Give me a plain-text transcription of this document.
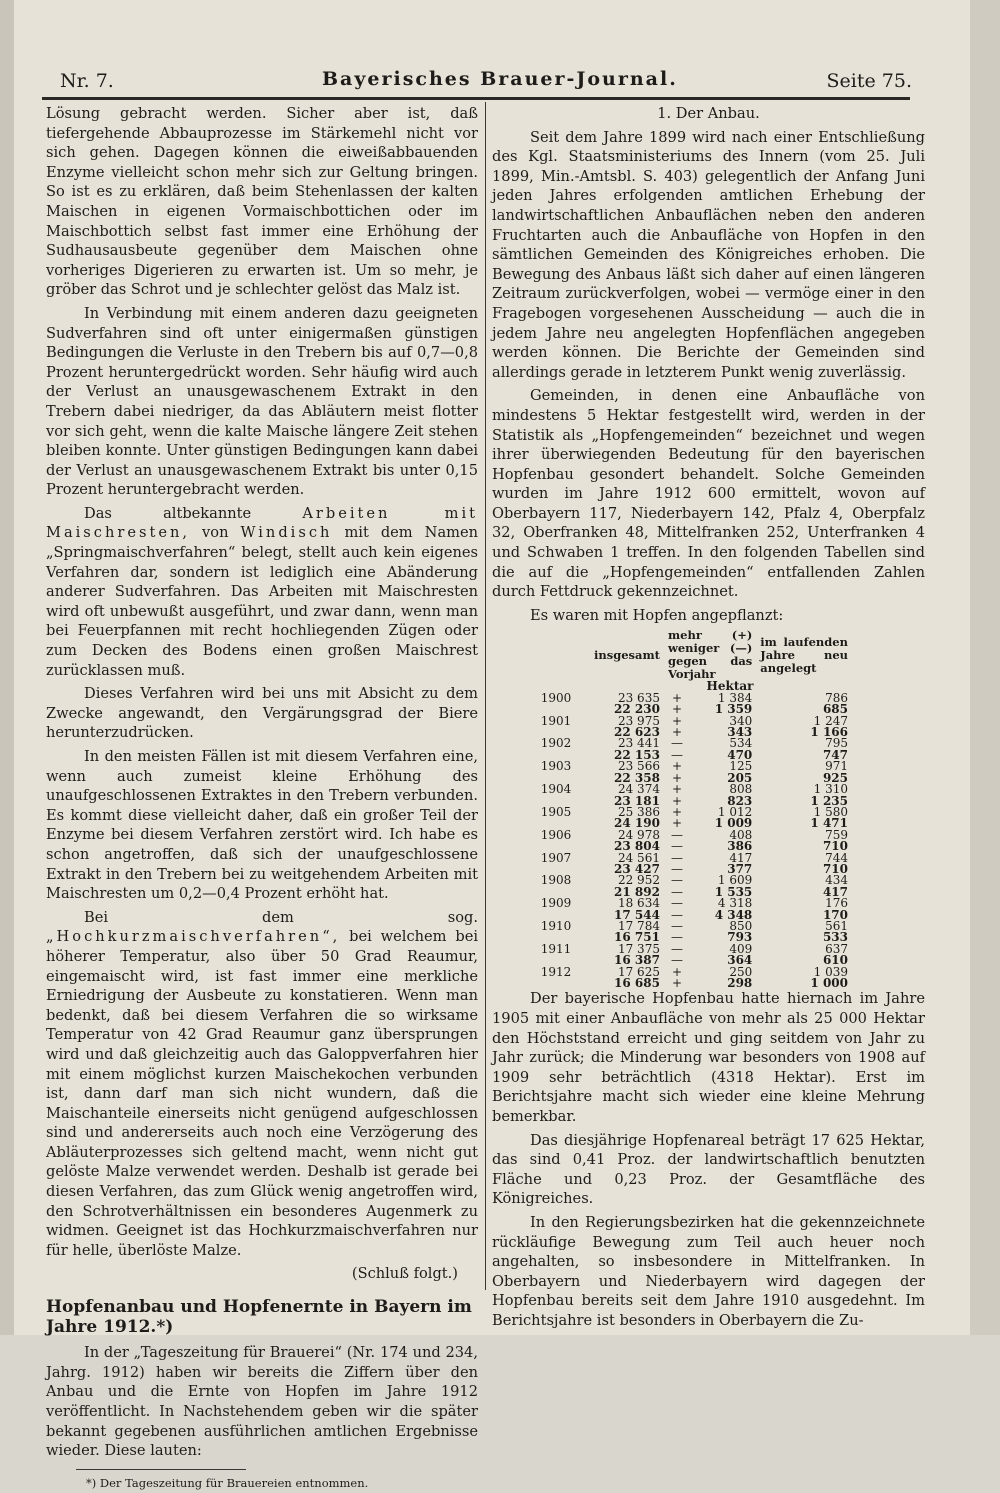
Nr. 7.	Bayerisches Brauer-Journal.	Seite 75.

Lösung gebracht werden. Sicher aber ist, daß tiefergehende Abbauprozesse im Stärkemehl nicht vor sich gehen. Dagegen können die eiweißabbauenden Enzyme vielleicht schon mehr sich zur Geltung bringen. So ist es zu erklären, daß beim Stehenlassen der kalten Maischen in eigenen Vormaischbottichen oder im Maischbottich selbst fast immer eine Erhöhung der Sudhausausbeute gegenüber dem Maischen ohne vorheriges Digerieren zu erwarten ist. Um so mehr, je gröber das Schrot und je schlechter gelöst das Malz ist.

In Verbindung mit einem anderen dazu geeigneten Sudverfahren sind oft unter einigermaßen günstigen Bedingungen die Verluste in den Trebern bis auf 0,7—0,8 Prozent heruntergedrückt worden. Sehr häufig wird auch der Verlust an unausgewaschenem Extrakt in den Trebern dabei niedriger, da das Abläutern meist flotter vor sich geht, wenn die kalte Maische längere Zeit stehen bleiben konnte. Unter günstigen Bedingungen kann dabei der Verlust an unausgewaschenem Extrakt bis unter 0,15 Prozent heruntergebracht werden.

Das altbekannte	Arbeiten mit Maischresten, von Windisch mit dem Namen „Springmaischverfahren“ belegt, stellt auch kein eigenes Verfahren dar, sondern ist lediglich eine Abänderung anderer Sudverfahren. Das Arbeiten mit Maischresten wird oft unbewußt ausgeführt, und zwar dann, wenn man bei Feuerpfannen mit recht hochliegenden Zügen oder zum Decken des Bodens einen großen Maischrest zurücklassen muß.

Dieses Verfahren wird bei uns mit Absicht zu dem Zwecke angewandt, den Vergärungsgrad der Biere herunterzudrücken.

In den meisten Fällen ist mit diesem Verfahren eine, wenn auch zumeist kleine Erhöhung des unaufgeschlossenen Extraktes in den Trebern verbunden. Es kommt diese vielleicht daher, daß ein großer Teil der Enzyme bei diesem Verfahren zerstört wird. Ich habe es schon angetroffen, daß sich der unaufgeschlossene Extrakt in den Trebern bei zu weitgehendem Arbeiten mit Maischresten um 0,2—0,4 Prozent erhöht hat.

Bei dem sog. „Hochkurzmaischverfahren“, bei welchem bei höherer Temperatur, also über 50 Grad Reaumur, eingemaischt wird, ist fast immer eine merkliche Erniedrigung der Ausbeute zu konstatieren. Wenn man bedenkt, daß bei diesem Verfahren die so wirksame Temperatur von 42 Grad Reaumur ganz übersprungen wird und daß gleichzeitig auch das Galoppverfahren hier mit einem möglichst kurzen Maischekochen verbunden ist, dann darf man sich nicht wundern, daß die Maischanteile einerseits nicht genügend aufgeschlossen sind und andererseits auch noch eine Verzögerung des Abläuterprozesses sich geltend macht, wenn nicht gut gelöste Malze verwendet werden. Deshalb ist gerade bei diesen Verfahren, das zum Glück wenig angetroffen wird, den Schrotverhältnissen ein besonderes Augenmerk zu widmen. Geeignet ist das Hochkurzmaischverfahren nur für helle, überlöste Malze.

(Schluß folgt.)

Hopfenanbau und Hopfenernte in Bayern im Jahre 1912.*)

In der „Tageszeitung für Brauerei“ (Nr. 174 und 234, Jahrg. 1912) haben wir bereits die Ziffern über den Anbau und die Ernte von Hopfen im Jahre 1912 veröffentlicht. In Nachstehendem geben wir die später bekannt gegebenen ausführlichen amtlichen Ergebnisse wieder. Diese lauten:

*) Der Tageszeitung für Brauereien entnommen.

1. Der Anbau.

Seit dem Jahre 1899 wird nach einer Entschließung des Kgl. Staatsministeriums des Innern (vom 25. Juli 1899, Min.-Amtsbl. S. 403) gelegentlich der Anfang Juni jeden Jahres erfolgenden amtlichen Erhebung der landwirtschaftlichen Anbauflächen neben den anderen Fruchtarten auch die Anbaufläche von Hopfen in den sämtlichen Gemeinden des Königreiches erhoben. Die Bewegung des Anbaus läßt sich daher auf einen längeren Zeitraum zurückverfolgen, wobei — vermöge einer in den Fragebogen vorgesehenen Ausscheidung — auch die in jedem Jahre neu angelegten Hopfenflächen angegeben werden können. Die Berichte der Gemeinden sind allerdings gerade in letzterem Punkt wenig zuverlässig.

Gemeinden, in denen eine Anbaufläche von mindestens 5 Hektar festgestellt wird, werden in der Statistik als „Hopfengemeinden“ bezeichnet und wegen ihrer überwiegenden Bedeutung für den bayerischen Hopfenbau gesondert behandelt. Solche Gemeinden wurden im Jahre 1912 600 ermittelt, wovon auf Oberbayern 117, Niederbayern 142, Pfalz 4, Oberpfalz 32, Oberfranken 48, Mittelfranken 252, Unterfranken 4 und Schwaben 1 treffen. In den folgenden Tabellen sind die auf die „Hopfengemeinden“ entfallenden Zahlen durch Fettdruck gekennzeichnet.

Es waren mit Hopfen angepflanzt:

	insgesamt	mehr (+) weniger (—) gegen das Vorjahr		im laufenden Jahre neu angelegt
Hektar				
1900	23 635	+	1 384	786
	22 230	+	1 359	685
1901	23 975	+	340	1 247
	22 623	+	343	1 166
1902	23 441	—	534	795
	22 153	—	470	747
1903	23 566	+	125	971
	22 358	+	205	925
1904	24 374	+	808	1 310
	23 181	+	823	1 235
1905	25 386	+	1 012	1 580
	24 190	+	1 009	1 471
1906	24 978	—	408	759
	23 804	—	386	710
1907	24 561	—	417	744
	23 427	—	377	710
1908	22 952	—	1 609	434
	21 892	—	1 535	417
1909	18 634	—	4 318	176
	17 544	—	4 348	170
1910	17 784	—	850	561
	16 751	—	793	533
1911	17 375	—	409	637
	16 387	—	364	610
1912	17 625	+	250	1 039
	16 685	+	298	1 000

Der bayerische Hopfenbau hatte hiernach im Jahre 1905 mit einer Anbaufläche von mehr als 25 000 Hektar den Höchststand erreicht und ging seitdem von Jahr zu Jahr zurück; die Minderung war besonders von 1908 auf 1909 sehr beträchtlich (4318 Hektar). Erst im Berichtsjahre macht sich wieder eine kleine Mehrung bemerkbar.

Das diesjährige Hopfenareal beträgt 17 625 Hektar, das sind 0,41 Proz. der landwirtschaftlich benutzten Fläche und 0,23 Proz. der Gesamtfläche des Königreiches.

In den Regierungsbezirken hat die gekennzeichnete rückläufige Bewegung zum Teil auch heuer noch angehalten, so insbesondere in Mittelfranken. In Oberbayern und Niederbayern wird dagegen der Hopfenbau bereits seit dem Jahre 1910 ausgedehnt. Im Berichtsjahre ist besonders in Oberbayern die Zu-
